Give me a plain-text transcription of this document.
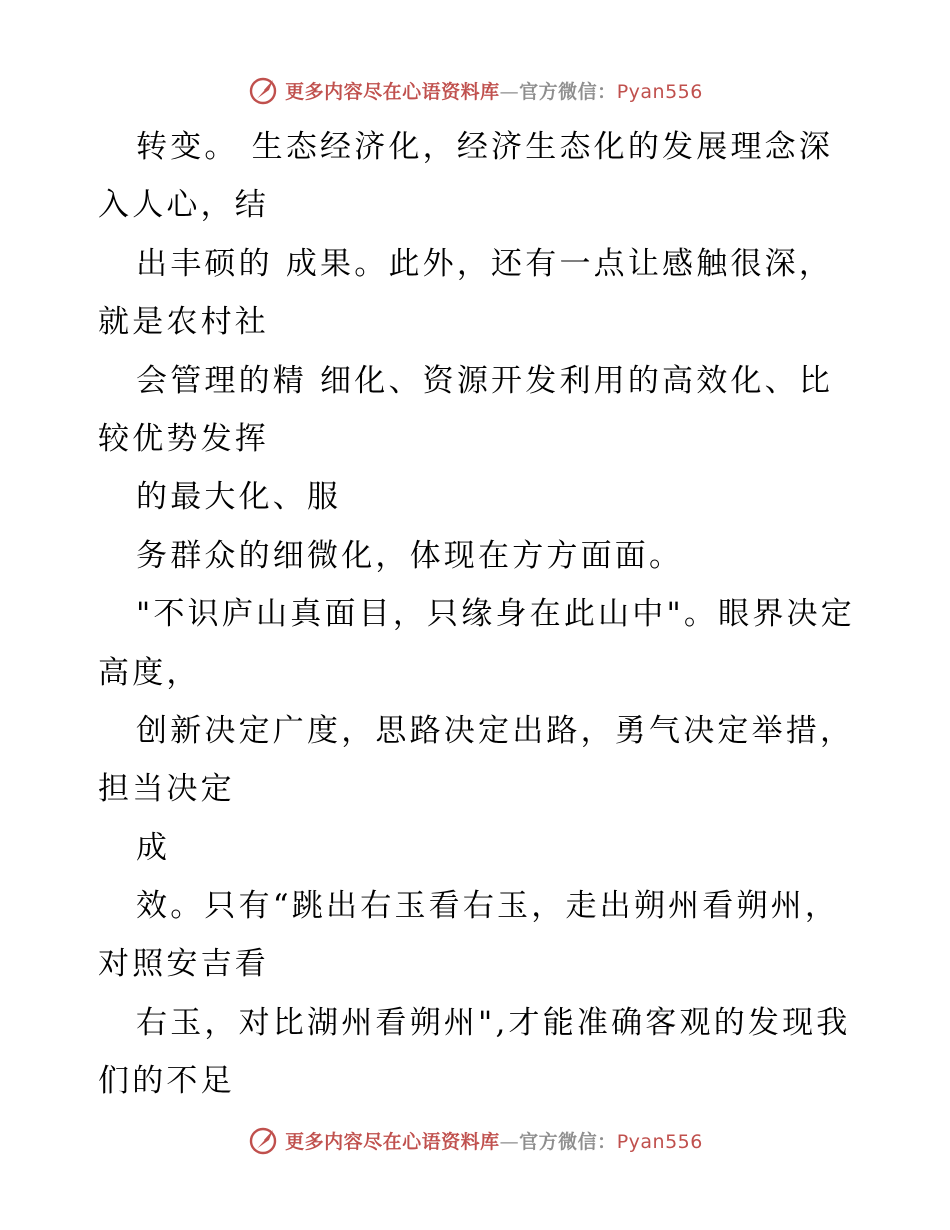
更多内容尽在心语资料库—官方微信：Pyan556
转变。 生态经济化，经济生态化的发展理念深
入人心，结
出丰硕的 成果。此外，还有一点让感触很深，
就是农村社
会管理的精 细化、资源开发利用的高效化、比
较优势发挥
的最大化、服
务群众的细微化，体现在方方面面。
"不识庐山真面目，只缘身在此山中"。眼界决定
高度，
创新决定广度，思路决定出路，勇气决定举措，
担当决定
成
效。只有“跳出右玉看右玉，走出朔州看朔州，
对照安吉看
右玉，对比湖州看朔州",才能准确客观的发现我
们的不足
更多内容尽在心语资料库—官方微信：Pyan556
